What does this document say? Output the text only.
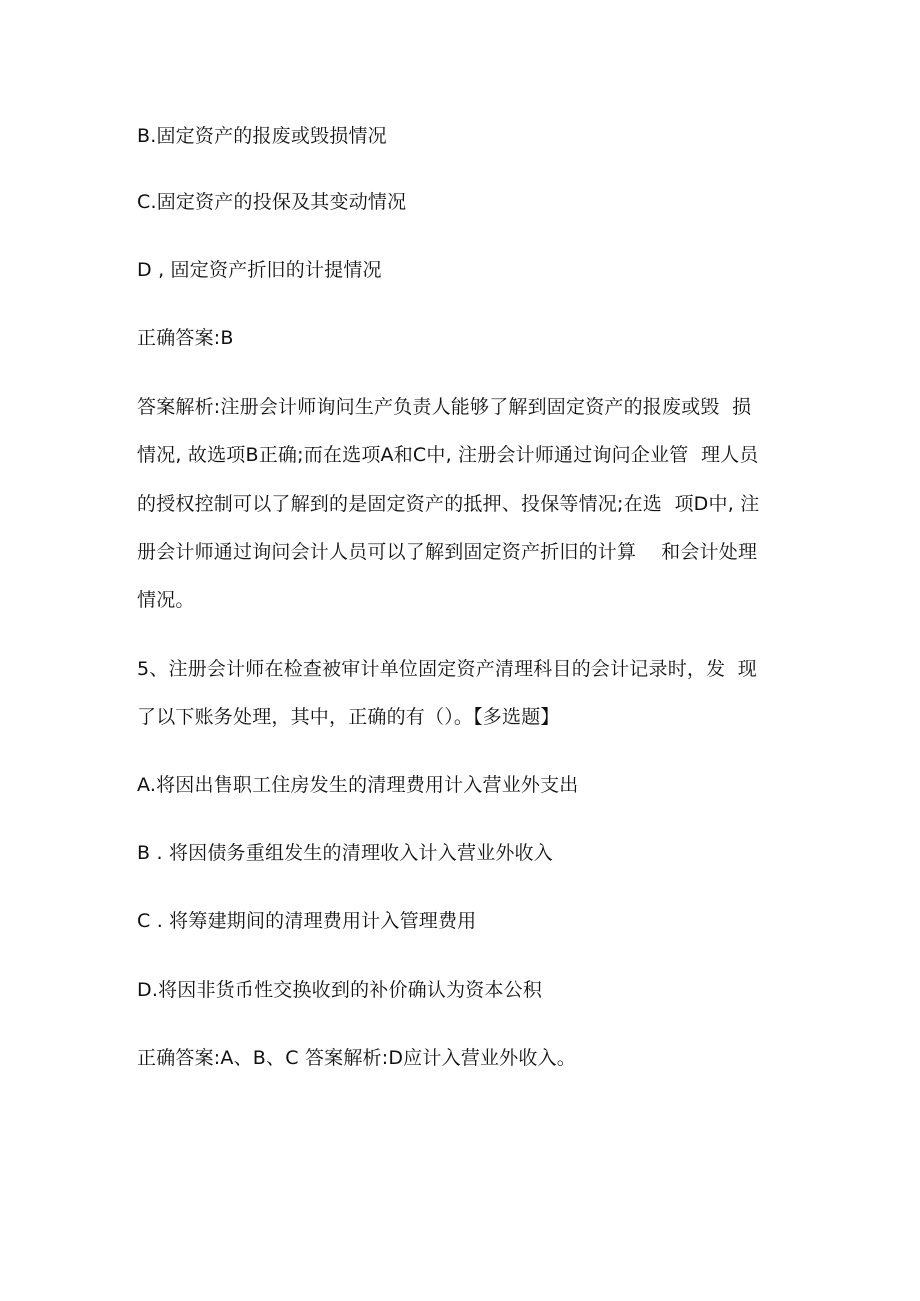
B.固定资产的报废或毁损情况
C.固定资产的投保及其变动情况
D , 固定资产折旧的计提情况
正确答案:B
答案解析:注册会计师询问生产负责人能够了解到固定资产的报废或毁  损
情况, 故选项B正确;而在选项A和C中, 注册会计师通过询问企业管  理人员
的授权控制可以了解到的是固定资产的抵押、投保等情况;在选  项D中, 注
册会计师通过询问会计人员可以了解到固定资产折旧的计算    和会计处理
情况。
5、注册会计师在检查被审计单位固定资产清理科目的会计记录时，发  现
了以下账务处理，其中，正确的有（）。【多选题】
A.将因出售职工住房发生的清理费用计入营业外支出
B . 将因债务重组发生的清理收入计入营业外收入
C . 将筹建期间的清理费用计入管理费用
D.将因非货币性交换收到的补价确认为资本公积
正确答案:A、B、C 答案解析:D应计入营业外收入。
